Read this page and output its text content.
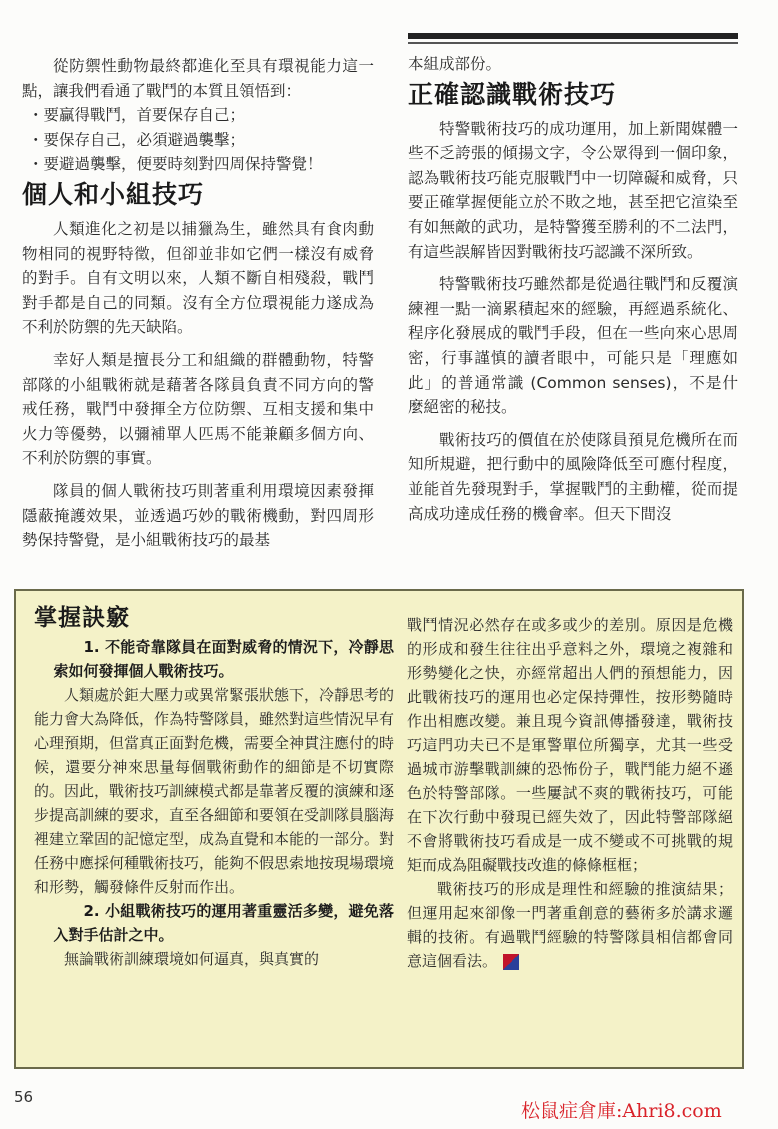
從防禦性動物最終都進化至具有環視能力這一點，讓我們看通了戰鬥的本質且領悟到：

・要贏得戰鬥，首要保存自己；

・要保存自己，必須避過襲擊；

・要避過襲擊，便要時刻對四周保持警覺！

個人和小組技巧

人類進化之初是以捕獵為生，雖然具有食肉動物相同的視野特徵，但卻並非如它們一樣沒有威脅的對手。自有文明以來，人類不斷自相殘殺，戰鬥對手都是自己的同類。沒有全方位環視能力遂成為不利於防禦的先天缺陷。

幸好人類是擅長分工和組織的群體動物，特警部隊的小組戰術就是藉著各隊員負責不同方向的警戒任務，戰鬥中發揮全方位防禦、互相支援和集中火力等優勢，以彌補單人匹馬不能兼顧多個方向、不利於防禦的事實。

隊員的個人戰術技巧則著重利用環境因素發揮隱蔽掩護效果，並透過巧妙的戰術機動，對四周形勢保持警覺，是小組戰術技巧的最基

本組成部份。

正確認識戰術技巧

特警戰術技巧的成功運用，加上新聞媒體一些不乏誇張的傾揚文字，令公眾得到一個印象，認為戰術技巧能克服戰鬥中一切障礙和威脅，只要正確掌握便能立於不敗之地，甚至把它渲染至有如無敵的武功，是特警獲至勝利的不二法門，有這些誤解皆因對戰術技巧認識不深所致。

特警戰術技巧雖然都是從過往戰鬥和反覆演練裡一點一滴累積起來的經驗，再經過系統化、程序化發展成的戰鬥手段，但在一些向來心思周密，行事謹慎的讀者眼中，可能只是「理應如此」的普通常識 (Common senses)，不是什麼絕密的秘技。

戰術技巧的價值在於使隊員預見危機所在而知所規避，把行動中的風險降低至可應付程度，並能首先發現對手，掌握戰鬥的主動權，從而提高成功達成任務的機會率。但天下間沒

掌握訣竅

1. 不能奇靠隊員在面對威脅的情況下，冷靜思索如何發揮個人戰術技巧。

人類處於鉅大壓力或異常緊張狀態下，冷靜思考的能力會大為降低，作為特警隊員，雖然對這些情況早有心理預期，但當真正面對危機，需要全神貫注應付的時候，還要分神來思量每個戰術動作的細節是不切實際的。因此，戰術技巧訓練模式都是靠著反覆的演練和逐步提高訓練的要求，直至各細節和要領在受訓隊員腦海裡建立鞏固的記憶定型，成為直覺和本能的一部分。對任務中應採何種戰術技巧，能夠不假思索地按現場環境和形勢，觸發條件反射而作出。

2. 小組戰術技巧的運用著重靈活多變，避免落入對手估計之中。

無論戰術訓練環境如何逼真，與真實的

戰鬥情況必然存在或多或少的差別。原因是危機的形成和發生往往出乎意料之外，環境之複雜和形勢變化之快，亦經常超出人們的預想能力，因此戰術技巧的運用也必定保持彈性，按形勢隨時作出相應改變。兼且現今資訊傳播發達，戰術技巧這門功夫已不是軍警單位所獨享，尤其一些受過城市游擊戰訓練的恐怖份子，戰鬥能力絕不遜色於特警部隊。一些屢試不爽的戰術技巧，可能在下次行動中發現已經失效了，因此特警部隊絕不會將戰術技巧看成是一成不變或不可挑戰的規矩而成為阻礙戰技改進的條條框框；

戰術技巧的形成是理性和經驗的推演結果；但運用起來卻像一門著重創意的藝術多於講求邏輯的技術。有過戰鬥經驗的特警隊員相信都會同意這個看法。

56
松鼠症倉庫:Ahri8.com
